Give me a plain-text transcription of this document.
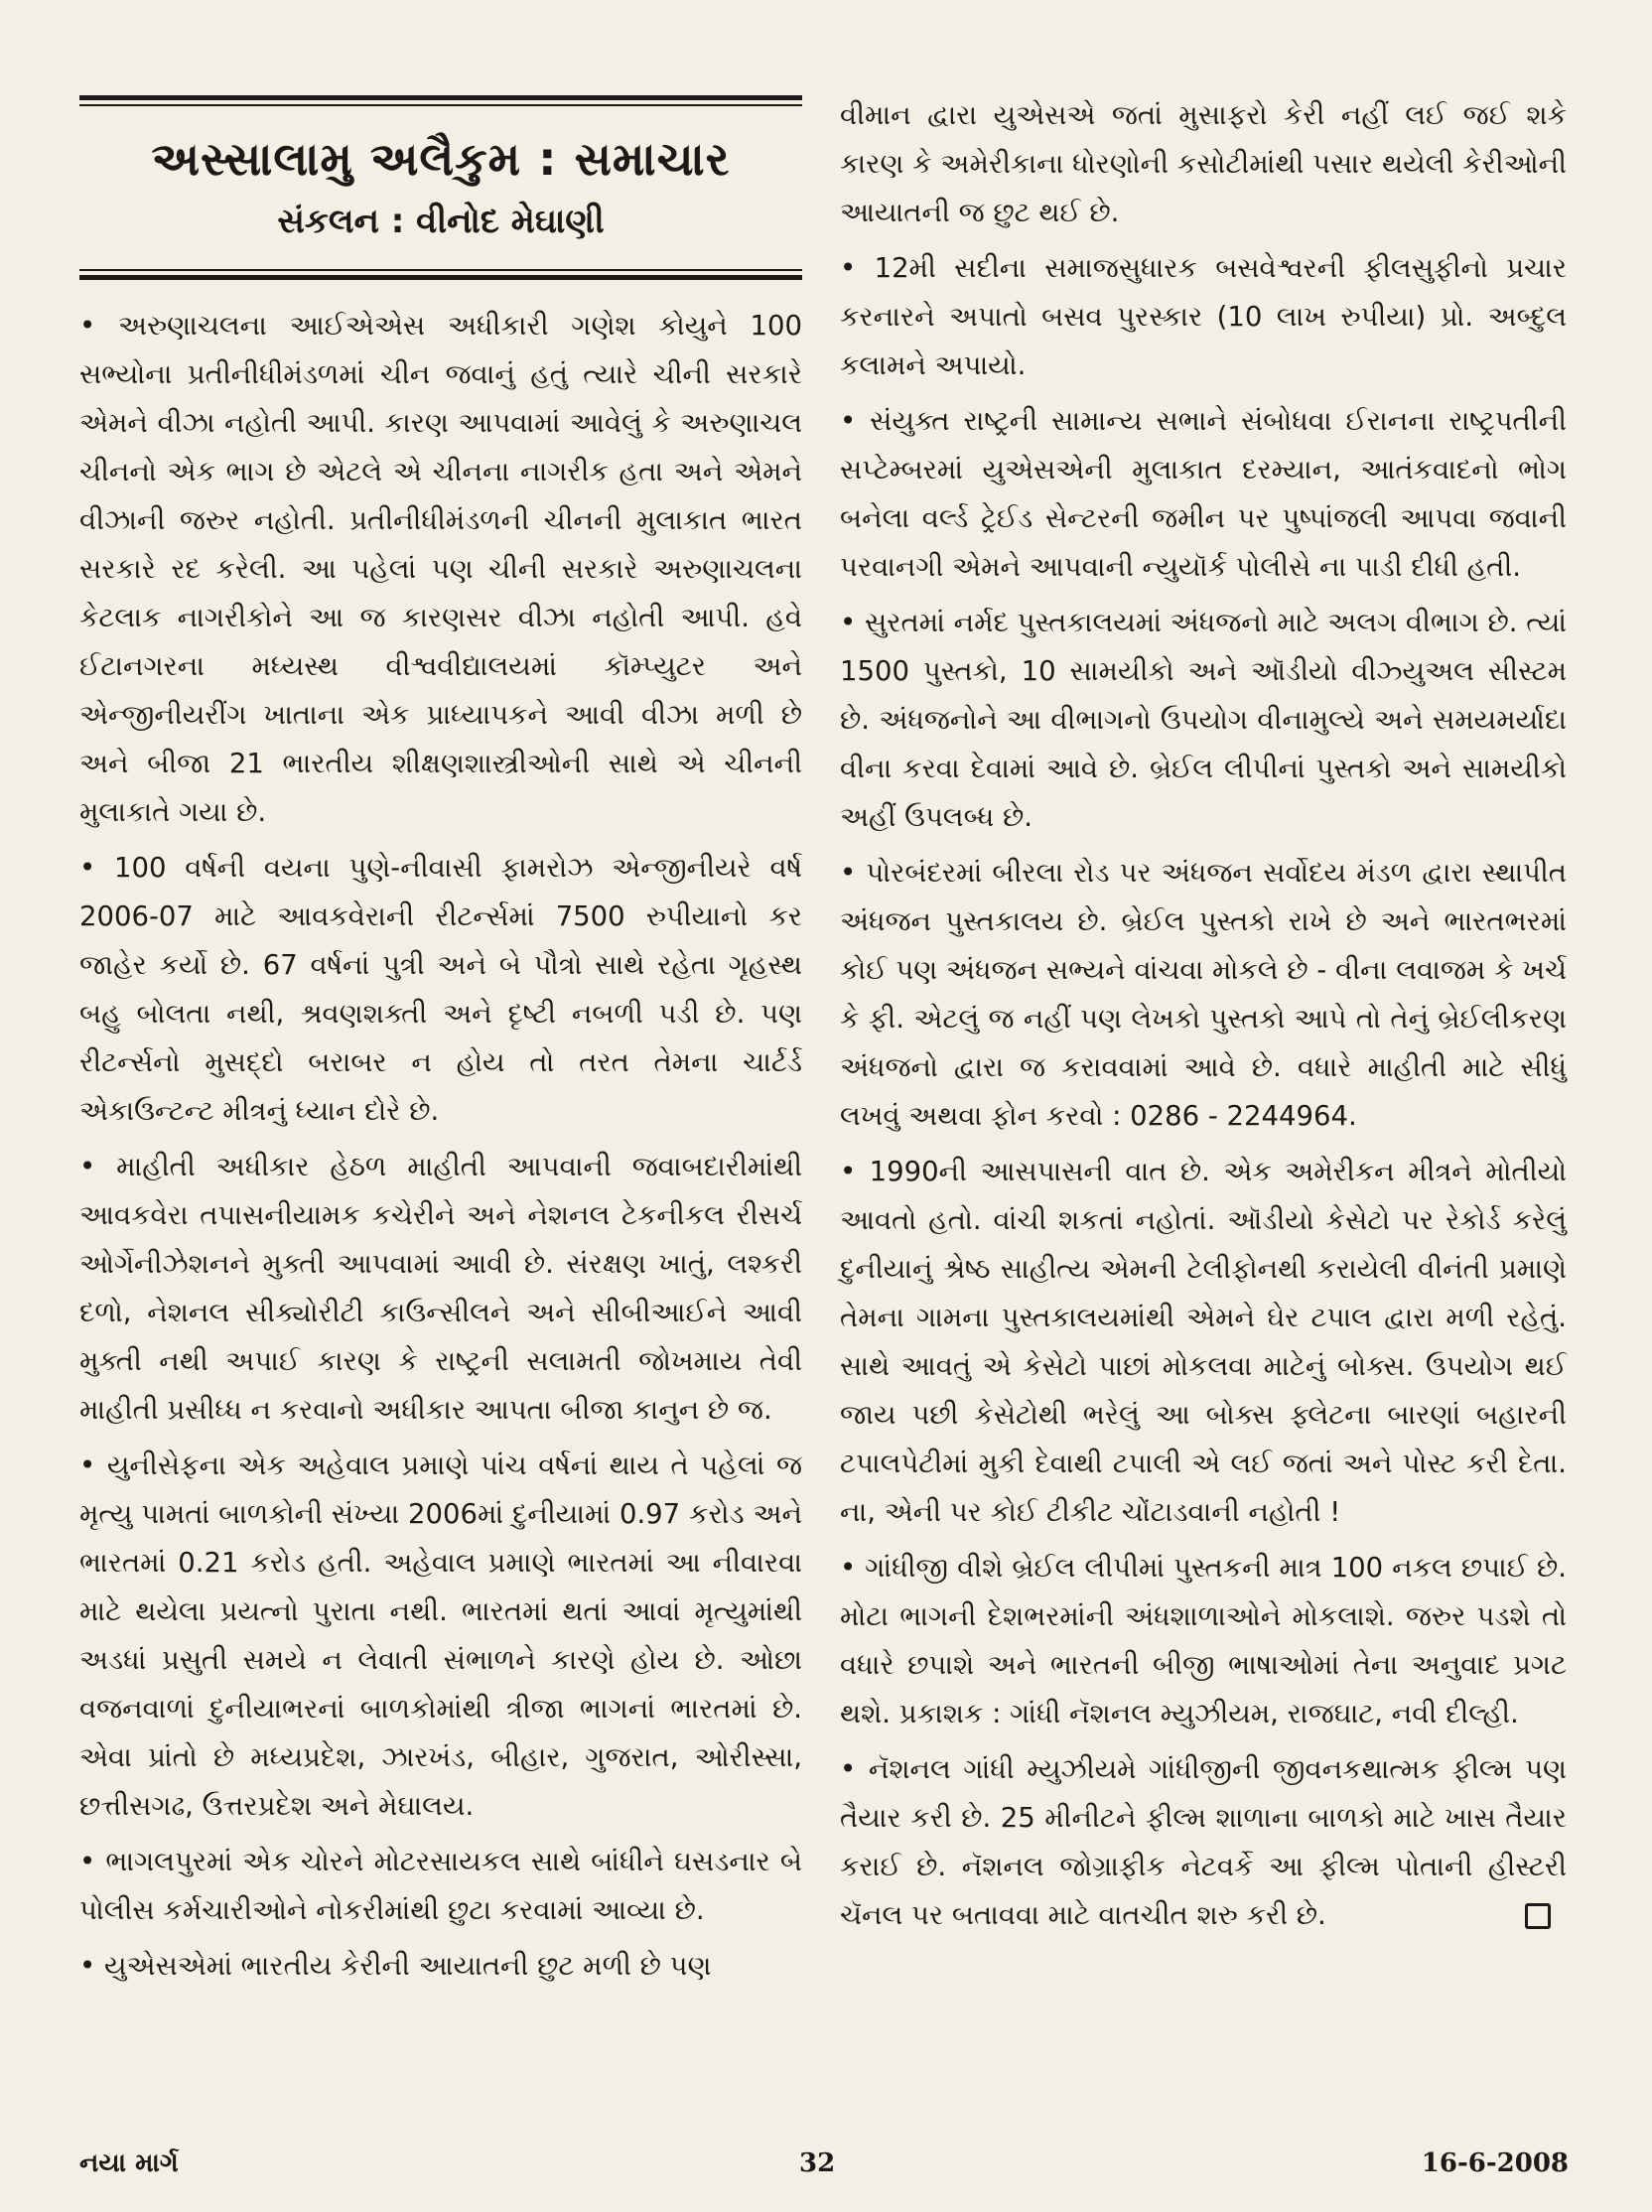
અસ્સાલામુ અલૈકુમ : સમાચાર
સંકલન : વીનોદ મેઘાણી

• અરુણાચલના આઈએએસ અધીકારી ગણેશ કોયુને 100 સભ્યોના પ્રતીનીધીમંડળમાં ચીન જવાનું હતું ત્યારે ચીની સરકારે એમને વીઝા નહોતી આપી. કારણ આપવામાં આવેલું કે અરુણાચલ ચીનનો એક ભાગ છે એટલે એ ચીનના નાગરીક હતા અને એમને વીઝાની જરુર નહોતી. પ્રતીનીધીમંડળની ચીનની મુલાકાત ભારત સરકારે રદ કરેલી. આ પહેલાં પણ ચીની સરકારે અરુણાચલના કેટલાક નાગરીકોને આ જ કારણસર વીઝા નહોતી આપી. હવે ઈટાનગરના મધ્યસ્થ વીશ્વવીદ્યાલયમાં કૉમ્પ્યુટર અને એન્જીનીયરીંગ ખાતાના એક પ્રાધ્યાપકને આવી વીઝા મળી છે અને બીજા 21 ભારતીય શીક્ષણશાસ્ત્રીઓની સાથે એ ચીનની મુલાકાતે ગયા છે.

• 100 વર્ષની વયના પુણે-નીવાસી ફામરોઝ એન્જીનીયરે વર્ષ 2006-07 માટે આવકવેરાની રીટર્ન્સમાં 7500 રુપીયાનો કર જાહેર કર્યો છે. 67 વર્ષનાં પુત્રી અને બે પૌત્રો સાથે રહેતા ગૃહસ્થ બહુ બોલતા નથી, શ્રવણશક્તી અને દૃષ્ટી નબળી પડી છે. પણ રીટર્ન્સનો મુસદ્દો બરાબર ન હોય તો તરત તેમના ચાર્ટર્ડ એકાઉન્ટન્ટ મીત્રનું ધ્યાન દોરે છે.

• માહીતી અધીકાર હેઠળ માહીતી આપવાની જવાબદારીમાંથી આવકવેરા તપાસનીયામક કચેરીને અને નેશનલ ટેકનીકલ રીસર્ચ ઓર્ગેનીઝેશનને મુક્તી આપવામાં આવી છે. સંરક્ષણ ખાતું, લશ્કરી દળો, નેશનલ સીક્યોરીટી કાઉન્સીલને અને સીબીઆઈને આવી મુક્તી નથી અપાઈ કારણ કે રાષ્ટ્રની સલામતી જોખમાય તેવી માહીતી પ્રસીધ્ધ ન કરવાનો અધીકાર આપતા બીજા કાનુન છે જ.

• યુનીસેફના એક અહેવાલ પ્રમાણે પાંચ વર્ષનાં થાય તે પહેલાં જ મૃત્યુ પામતાં બાળકોની સંખ્યા 2006માં દુનીયામાં 0.97 કરોડ અને ભારતમાં 0.21 કરોડ હતી. અહેવાલ પ્રમાણે ભારતમાં આ નીવારવા માટે થયેલા પ્રયત્નો પુરાતા નથી. ભારતમાં થતાં આવાં મૃત્યુમાંથી અડધાં પ્રસુતી સમયે ન લેવાતી સંભાળને કારણે હોય છે. ઓછા વજનવાળાં દુનીયાભરનાં બાળકોમાંથી ત્રીજા ભાગનાં ભારતમાં છે. એવા પ્રાંતો છે મધ્યપ્રદેશ, ઝારખંડ, બીહાર, ગુજરાત, ઓરીસ્સા, છત્તીસગઢ, ઉત્તરપ્રદેશ અને મેઘાલય.

• ભાગલપુરમાં એક ચોરને મોટરસાયકલ સાથે બાંધીને ઘસડનાર બે પોલીસ કર્મચારીઓને નોકરીમાંથી છુટા કરવામાં આવ્યા છે.

• યુએસએમાં ભારતીય કેરીની આયાતની છુટ મળી છે પણ

વીમાન દ્વારા યુએસએ જતાં મુસાફરો કેરી નહીં લઈ જઈ શકે કારણ કે અમેરીકાના ધોરણોની કસોટીમાંથી પસાર થયેલી કેરીઓની આયાતની જ છુટ થઈ છે.

• 12મી સદીના સમાજસુધારક બસવેશ્વરની ફીલસુફીનો પ્રચાર કરનારને અપાતો બસવ પુરસ્કાર (10 લાખ રુપીયા) પ્રો. અબ્દુલ કલામને અપાયો.

• સંયુક્ત રાષ્ટ્રની સામાન્ય સભાને સંબોધવા ઈરાનના રાષ્ટ્રપતીની સપ્ટેમ્બરમાં યુએસએની મુલાકાત દરમ્યાન, આતંકવાદનો ભોગ બનેલા વર્લ્ડ ટ્રેઈડ સેન્ટરની જમીન પર પુષ્પાંજલી આપવા જવાની પરવાનગી એમને આપવાની ન્યુયૉર્ક પોલીસે ના પાડી દીધી હતી.

• સુરતમાં નર્મદ પુસ્તકાલયમાં અંધજનો માટે અલગ વીભાગ છે. ત્યાં 1500 પુસ્તકો, 10 સામયીકો અને ઑડીયો વીઝ્યુઅલ સીસ્ટમ છે. અંધજનોને આ વીભાગનો ઉપયોગ વીનામુલ્યે અને સમયમર્યાદા વીના કરવા દેવામાં આવે છે. બ્રેઈલ લીપીનાં પુસ્તકો અને સામયીકો અહીં ઉપલબ્ધ છે.

• પોરબંદરમાં બીરલા રોડ પર અંધજન સર્વોદય મંડળ દ્વારા સ્થાપીત અંધજન પુસ્તકાલય છે. બ્રેઈલ પુસ્તકો રાખે છે અને ભારતભરમાં કોઈ પણ અંધજન સભ્યને વાંચવા મોકલે છે - વીના લવાજમ કે ખર્ચ કે ફી. એટલું જ નહીં પણ લેખકો પુસ્તકો આપે તો તેનું બ્રેઈલીકરણ અંધજનો દ્વારા જ કરાવવામાં આવે છે. વધારે માહીતી માટે સીધું લખવું અથવા ફોન કરવો : 0286 - 2244964.

• 1990ની આસપાસની વાત છે. એક અમેરીકન મીત્રને મોતીયો આવતો હતો. વાંચી શકતાં નહોતાં. ઑડીયો કેસેટો પર રેકોર્ડ કરેલું દુનીયાનું શ્રેષ્ઠ સાહીત્ય એમની ટેલીફોનથી કરાયેલી વીનંતી પ્રમાણે તેમના ગામના પુસ્તકાલયમાંથી એમને ઘેર ટપાલ દ્વારા મળી રહેતું. સાથે આવતું એ કેસેટો પાછાં મોકલવા માટેનું બોક્સ. ઉપયોગ થઈ જાય પછી કેસેટોથી ભરેલું આ બોક્સ ફ્લેટના બારણાં બહારની ટપાલપેટીમાં મુકી દેવાથી ટપાલી એ લઈ જતાં અને પોસ્ટ કરી દેતા. ના, એની પર કોઈ ટીકીટ ચોંટાડવાની નહોતી !

• ગાંધીજી વીશે બ્રેઈલ લીપીમાં પુસ્તકની માત્ર 100 નકલ છપાઈ છે. મોટા ભાગની દેશભરમાંની અંધશાળાઓને મોકલાશે. જરુર પડશે તો વધારે છપાશે અને ભારતની બીજી ભાષાઓમાં તેના અનુવાદ પ્રગટ થશે. પ્રકાશક : ગાંધી નૅશનલ મ્યુઝીયમ, રાજઘાટ, નવી દીલ્હી.

• નૅશનલ ગાંધી મ્યુઝીયમે ગાંધીજીની જીવનકથાત્મક ફીલ્મ પણ તૈયાર કરી છે. 25 મીનીટને ફીલ્મ શાળાના બાળકો માટે ખાસ તૈયાર કરાઈ છે. નૅશનલ જોગ્રાફીક નેટવર્કે આ ફીલ્મ પોતાની હીસ્ટરી ચૅનલ પર બતાવવા માટે વાતચીત શરુ કરી છે.

નયા માર્ગ	32	16-6-2008
